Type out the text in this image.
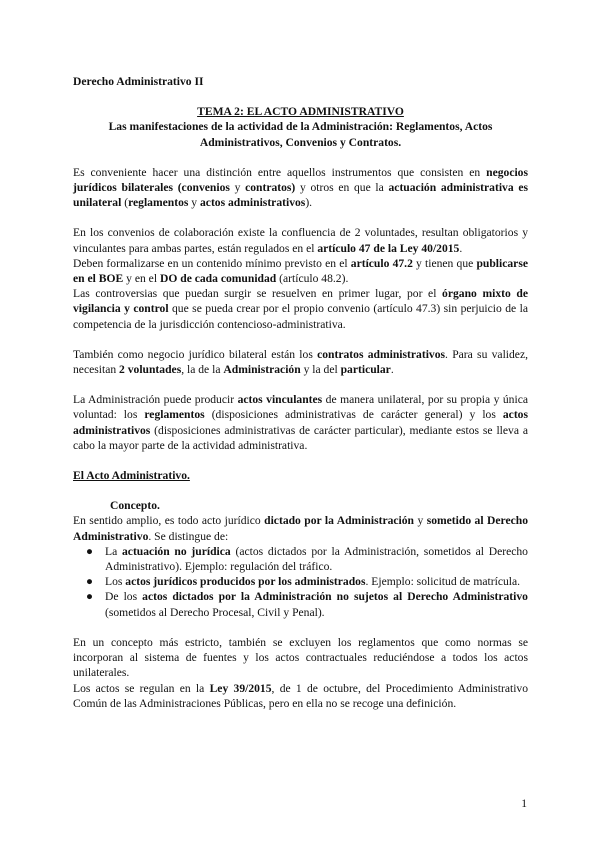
Derecho Administrativo II

TEMA 2: EL ACTO ADMINISTRATIVO

Las manifestaciones de la actividad de la Administración: Reglamentos, Actos Administrativos, Convenios y Contratos.

Es conveniente hacer una distinción entre aquellos instrumentos que consisten en negocios jurídicos bilaterales (convenios y contratos) y otros en que la actuación administrativa es unilateral (reglamentos y actos administrativos).

En los convenios de colaboración existe la confluencia de 2 voluntades, resultan obligatorios y vinculantes para ambas partes, están regulados en el artículo 47 de la Ley 40/2015.

Deben formalizarse en un contenido mínimo previsto en el artículo 47.2 y tienen que publicarse en el BOE y en el DO de cada comunidad (artículo 48.2).

Las controversias que puedan surgir se resuelven en primer lugar, por el órgano mixto de vigilancia y control que se pueda crear por el propio convenio (artículo 47.3) sin perjuicio de la competencia de la jurisdicción contencioso-administrativa.

También como negocio jurídico bilateral están los contratos administrativos. Para su validez, necesitan 2 voluntades, la de la Administración y la del particular.

La Administración puede producir actos vinculantes de manera unilateral, por su propia y única voluntad: los reglamentos (disposiciones administrativas de carácter general) y los actos administrativos (disposiciones administrativas de carácter particular), mediante estos se lleva a cabo la mayor parte de la actividad administrativa.

El Acto Administrativo.

Concepto.

En sentido amplio, es todo acto jurídico dictado por la Administración y sometido al Derecho Administrativo. Se distingue de:

● La actuación no jurídica (actos dictados por la Administración, sometidos al Derecho Administrativo). Ejemplo: regulación del tráfico.
● Los actos jurídicos producidos por los administrados. Ejemplo: solicitud de matrícula.
● De los actos dictados por la Administración no sujetos al Derecho Administrativo (sometidos al Derecho Procesal, Civil y Penal).

En un concepto más estricto, también se excluyen los reglamentos que como normas se incorporan al sistema de fuentes y los actos contractuales reduciéndose a todos los actos unilaterales.

Los actos se regulan en la Ley 39/2015, de 1 de octubre, del Procedimiento Administrativo Común de las Administraciones Públicas, pero en ella no se recoge una definición.

1
